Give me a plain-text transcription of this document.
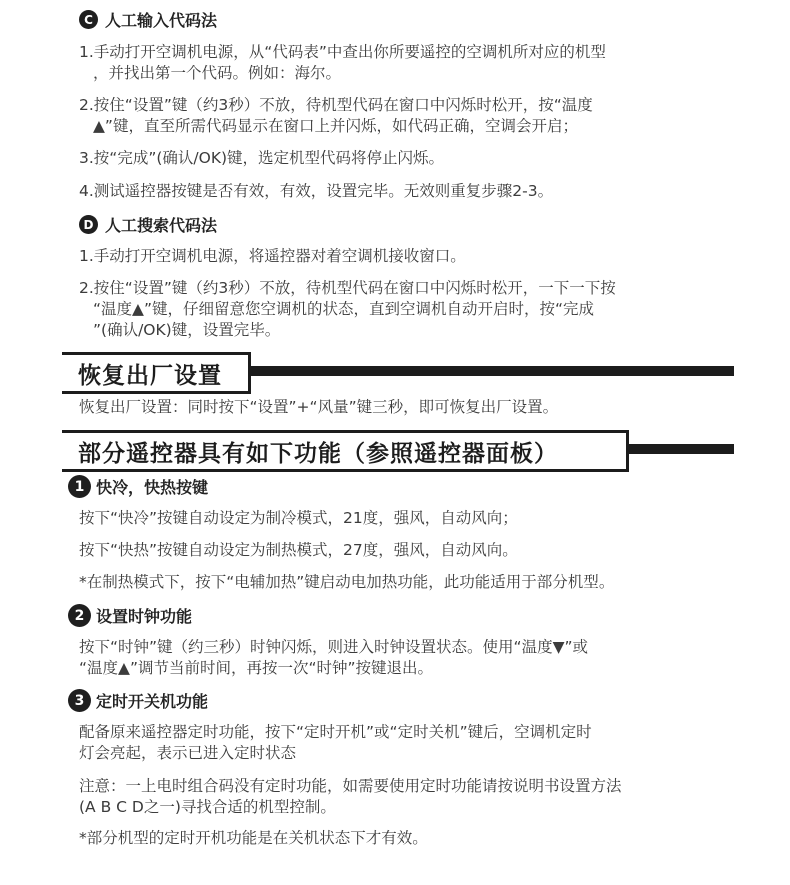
C 人工输入代码法
1.手动打开空调机电源，从“代码表”中查出你所要遥控的空调机所对应的机型
，并找出第一个代码。例如：海尔。
2.按住“设置”键（约3秒）不放，待机型代码在窗口中闪烁时松开，按“温度
▲”键，直至所需代码显示在窗口上并闪烁，如代码正确，空调会开启；
3.按“完成”(确认/OK)键，选定机型代码将停止闪烁。
4.测试遥控器按键是否有效，有效，设置完毕。无效则重复步骤2-3。
D 人工搜索代码法
1.手动打开空调机电源，将遥控器对着空调机接收窗口。
2.按住“设置”键（约3秒）不放，待机型代码在窗口中闪烁时松开，一下一下按
“温度▲”键，仔细留意您空调机的状态，直到空调机自动开启时，按“完成
”(确认/OK)键，设置完毕。
恢复出厂设置
恢复出厂设置：同时按下“设置”+“风量”键三秒，即可恢复出厂设置。
部分遥控器具有如下功能（参照遥控器面板）
1 快冷，快热按键
按下“快冷”按键自动设定为制冷模式，21度，强风，自动风向；
按下“快热”按键自动设定为制热模式，27度，强风，自动风向。
*在制热模式下，按下“电辅加热”键启动电加热功能，此功能适用于部分机型。
2 设置时钟功能
按下“时钟”键（约三秒）时钟闪烁，则进入时钟设置状态。使用“温度▼”或
“温度▲”调节当前时间，再按一次“时钟”按键退出。
3 定时开关机功能
配备原来遥控器定时功能，按下“定时开机”或“定时关机”键后，空调机定时
灯会亮起，表示已进入定时状态
注意：一上电时组合码没有定时功能，如需要使用定时功能请按说明书设置方法
(A B C D之一)寻找合适的机型控制。
*部分机型的定时开机功能是在关机状态下才有效。
